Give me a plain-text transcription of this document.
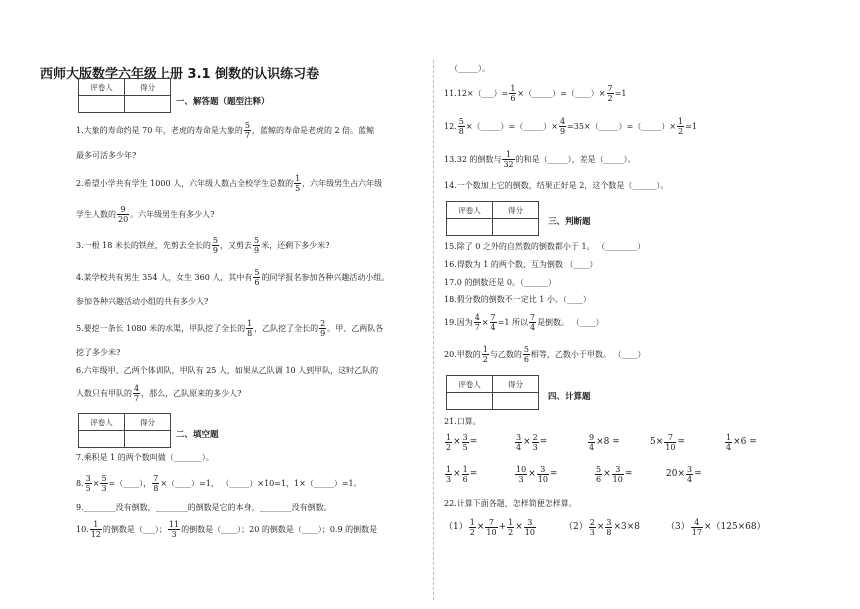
西师大版数学六年级上册 3.1 倒数的认识练习卷
评卷人	得分

一、解答题（题型注释）
1.大象的寿命约是 70 年，老虎的寿命是大象的 $\frac{5}{7}$ ，蓝鲸的寿命是老虎的 2 倍。蓝鲸
最多可活多少年?
2.希望小学共有学生 1000 人，六年级人数占全校学生总数的 $\frac{1}{5}$ ，六年级男生占六年级
学生人数的 $\frac{9}{20}$ 。六年级男生有多少人?
3.一根 18 米长的铁丝，先剪去全长的 $\frac{5}{9}$ ，又剪去 $\frac{5}{9}$ 米，还剩下多少米?
4.某学校共有男生 354 人，女生 360 人，其中有 $\frac{5}{6}$ 的同学报名参加各种兴趣活动小组。
参加各种兴趣活动小组的共有多少人?
5.要挖一条长 1080 米的水渠，甲队挖了全长的 $\frac{1}{8}$ ，乙队挖了全长的 $\frac{2}{9}$ 。甲、乙两队各
挖了多少米?
6.六年级甲、乙两个体训队，甲队有 25 人，如果从乙队调 10 人到甲队，这时乙队的
人数只有甲队的 $\frac{4}{7}$ ，那么，乙队原来的多少人?
评卷人	得分

二、填空题
7.乘积是 1 的两个数叫做（_______）。
8. $\frac{3}{5} \times \frac{5}{3}$ =（____）， $\frac{7}{8}$ ×（____）=1， （_____）×10=1，1×（_____）=1。
9.________没有倒数，________的倒数是它的本身，________没有倒数。
10. $\frac{1}{12}$ 的倒数是（___）； $\frac{11}{3}$ 的倒数是（____）；20 的倒数是（____）；0.9 的倒数是
（_____）。
11.12×（___）= $\frac{1}{6}$ ×（_____）=（____）× $\frac{7}{2} =1$
12. $\frac{5}{8}$ ×（_____）=（_____）× $\frac{4}{9}$ =35×（_____）=（_____）× $\frac{1}{2} =1$
13.32 的倒数与 $\frac{1}{32}$ 的和是（_____），差是（_____）。
14.一个数加上它的倒数，结果正好是 2，这个数是（______）。
评卷人	得分

三、判断题
15.除了 0 之外的自然数的倒数都小于 1。 （________）
16.得数为 1 的两个数，互为倒数 （____）
17.0 的倒数还是 0。（______）
18.假分数的倒数不一定比 1 小。（____）
19.因为 $\frac{4}{7} \times \frac{7}{4} =1$ 所以 $\frac{7}{4}$ 是倒数。 （____）
20.甲数的 $\frac{1}{2}$ 与乙数的 $\frac{5}{6}$ 相等，乙数小于甲数。 （____）
评卷人	得分

四、计算题
21.口算。
$\frac{1}{2} \times \frac{3}{5}$ =	$\frac{3}{4} \times \frac{2}{3}$ =	$\frac{9}{4} \times 8$ =	$5\times \frac{7}{10}$ =	$\frac{1}{4} \times 6$ =
$\frac{1}{3} \times \frac{1}{6}$ =	$\frac{10}{3} \times \frac{3}{10}$ =	$\frac{5}{6} \times \frac{3}{10}$ =	$20\times \frac{3}{4}$ =
22.计算下面各题，怎样简便怎样算。
$(1) \frac{1}{2} \times \frac{7}{10} + \frac{1}{2} \times \frac{3}{10}$	$(2) \frac{2}{3} \times \frac{3}{8} \times 3\times 8$	$(3) \frac{4}{17} \times(125\times 68)$
